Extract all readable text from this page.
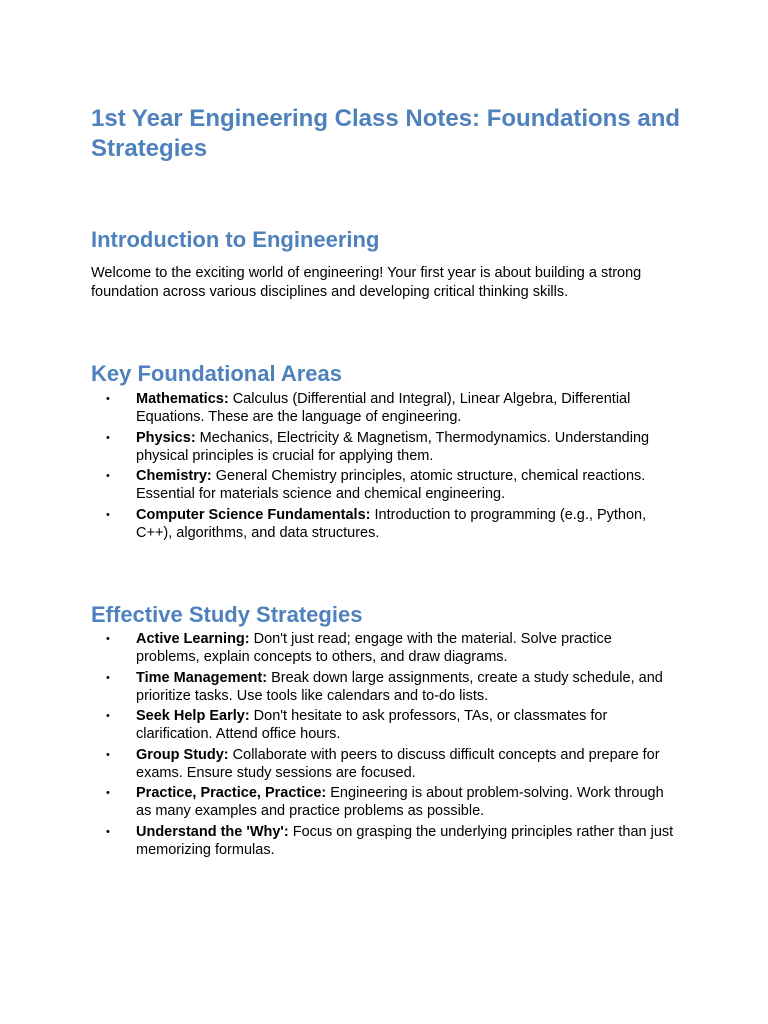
1st Year Engineering Class Notes: Foundations and Strategies
Introduction to Engineering

Welcome to the exciting world of engineering! Your first year is about building a strong foundation across various disciplines and developing critical thinking skills.

Key Foundational Areas
• Mathematics: Calculus (Differential and Integral), Linear Algebra, Differential Equations. These are the language of engineering.
• Physics: Mechanics, Electricity & Magnetism, Thermodynamics. Understanding physical principles is crucial for applying them.
• Chemistry: General Chemistry principles, atomic structure, chemical reactions. Essential for materials science and chemical engineering.
• Computer Science Fundamentals: Introduction to programming (e.g., Python, C++), algorithms, and data structures.
Effective Study Strategies
• Active Learning: Don't just read; engage with the material. Solve practice problems, explain concepts to others, and draw diagrams.
• Time Management: Break down large assignments, create a study schedule, and prioritize tasks. Use tools like calendars and to-do lists.
• Seek Help Early: Don't hesitate to ask professors, TAs, or classmates for clarification. Attend office hours.
• Group Study: Collaborate with peers to discuss difficult concepts and prepare for exams. Ensure study sessions are focused.
• Practice, Practice, Practice: Engineering is about problem-solving. Work through as many examples and practice problems as possible.
• Understand the 'Why': Focus on grasping the underlying principles rather than just memorizing formulas.
